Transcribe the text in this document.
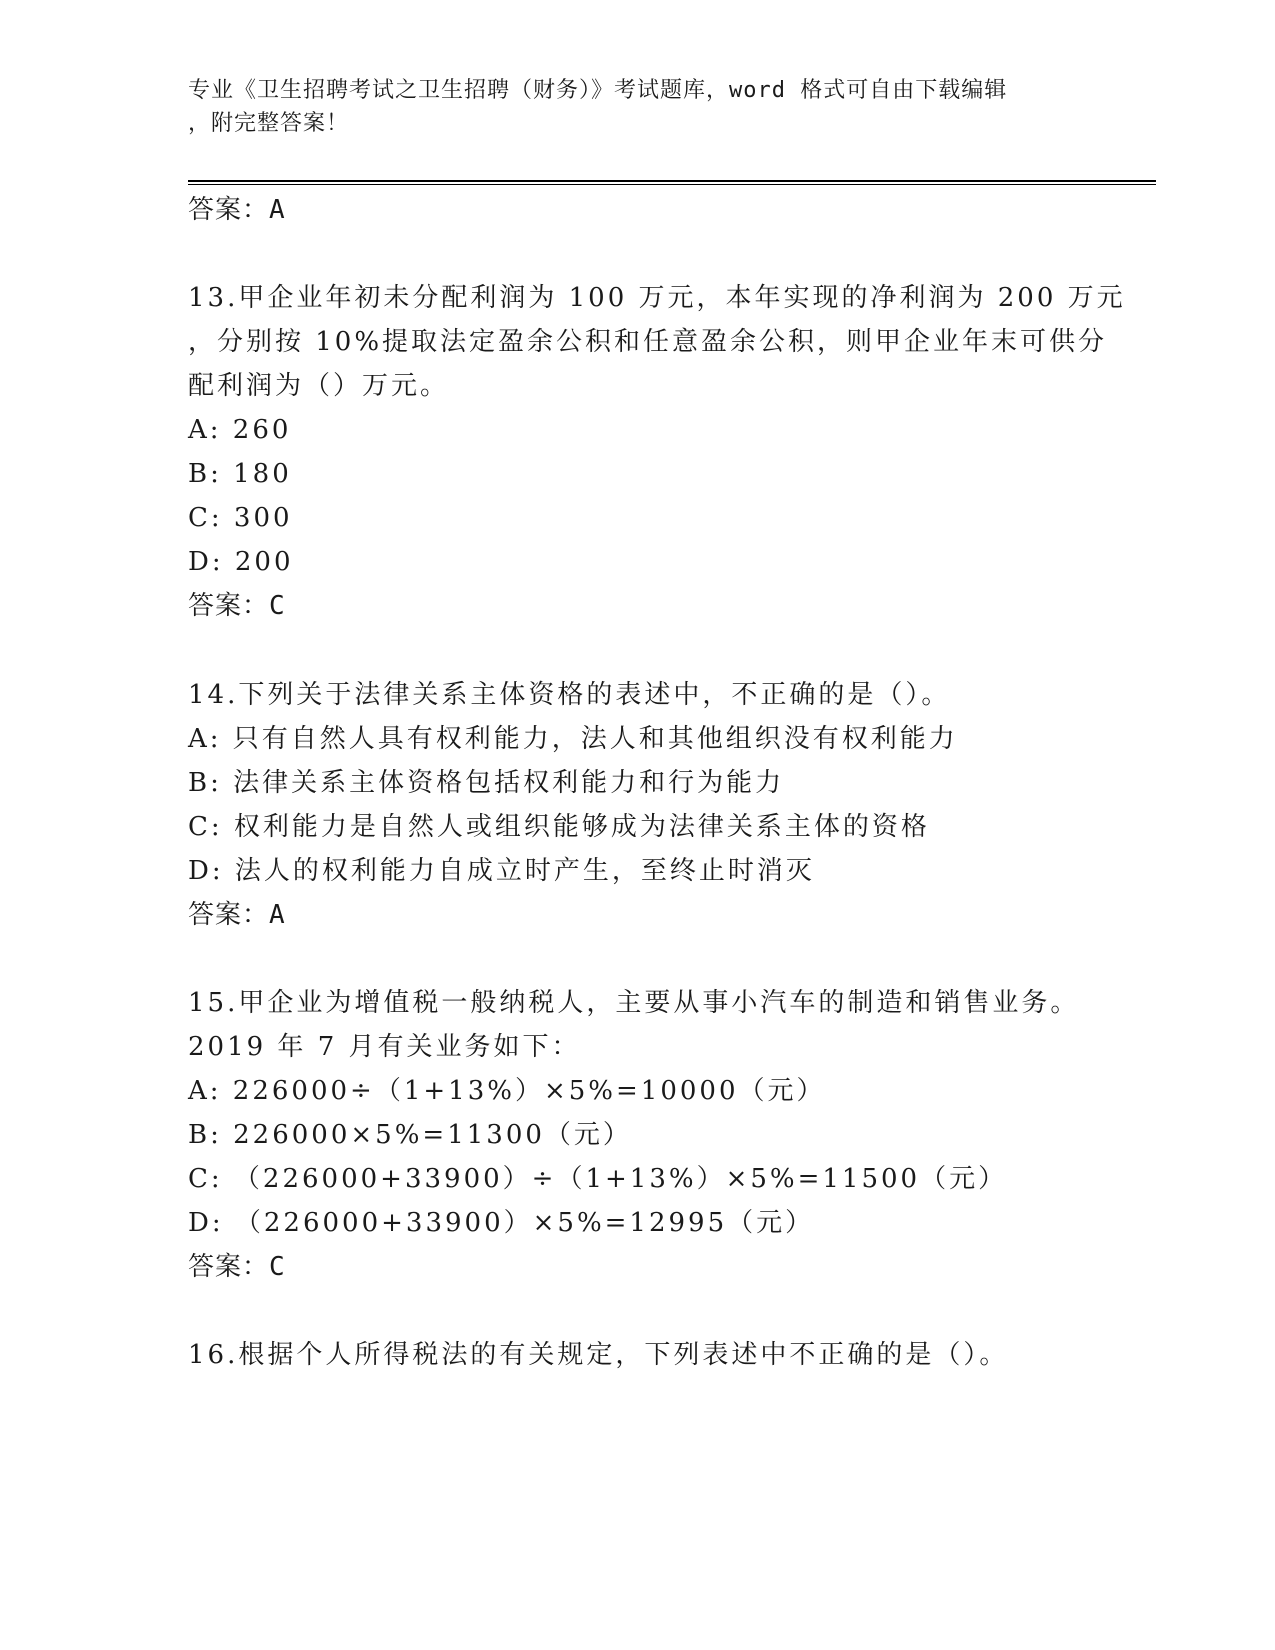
专业《卫生招聘考试之卫生招聘（财务）》考试题库，word 格式可自由下载编辑
，附完整答案！
答案：A
13.甲企业年初未分配利润为 100 万元，本年实现的净利润为 200 万元
，分别按 10%提取法定盈余公积和任意盈余公积，则甲企业年末可供分
配利润为（）万元。
A: 260
B: 180
C: 300
D: 200
答案：C
14.下列关于法律关系主体资格的表述中，不正确的是（）。
A: 只有自然人具有权利能力，法人和其他组织没有权利能力
B: 法律关系主体资格包括权利能力和行为能力
C: 权利能力是自然人或组织能够成为法律关系主体的资格
D: 法人的权利能力自成立时产生，至终止时消灭
答案：A
15.甲企业为增值税一般纳税人，主要从事小汽车的制造和销售业务。
2019 年 7 月有关业务如下：
A: 226000÷（1+13%）×5%=10000（元）
B: 226000×5%=11300（元）
C: （226000+33900）÷（1+13%）×5%=11500（元）
D: （226000+33900）×5%=12995（元）
答案：C
16.根据个人所得税法的有关规定，下列表述中不正确的是（）。
